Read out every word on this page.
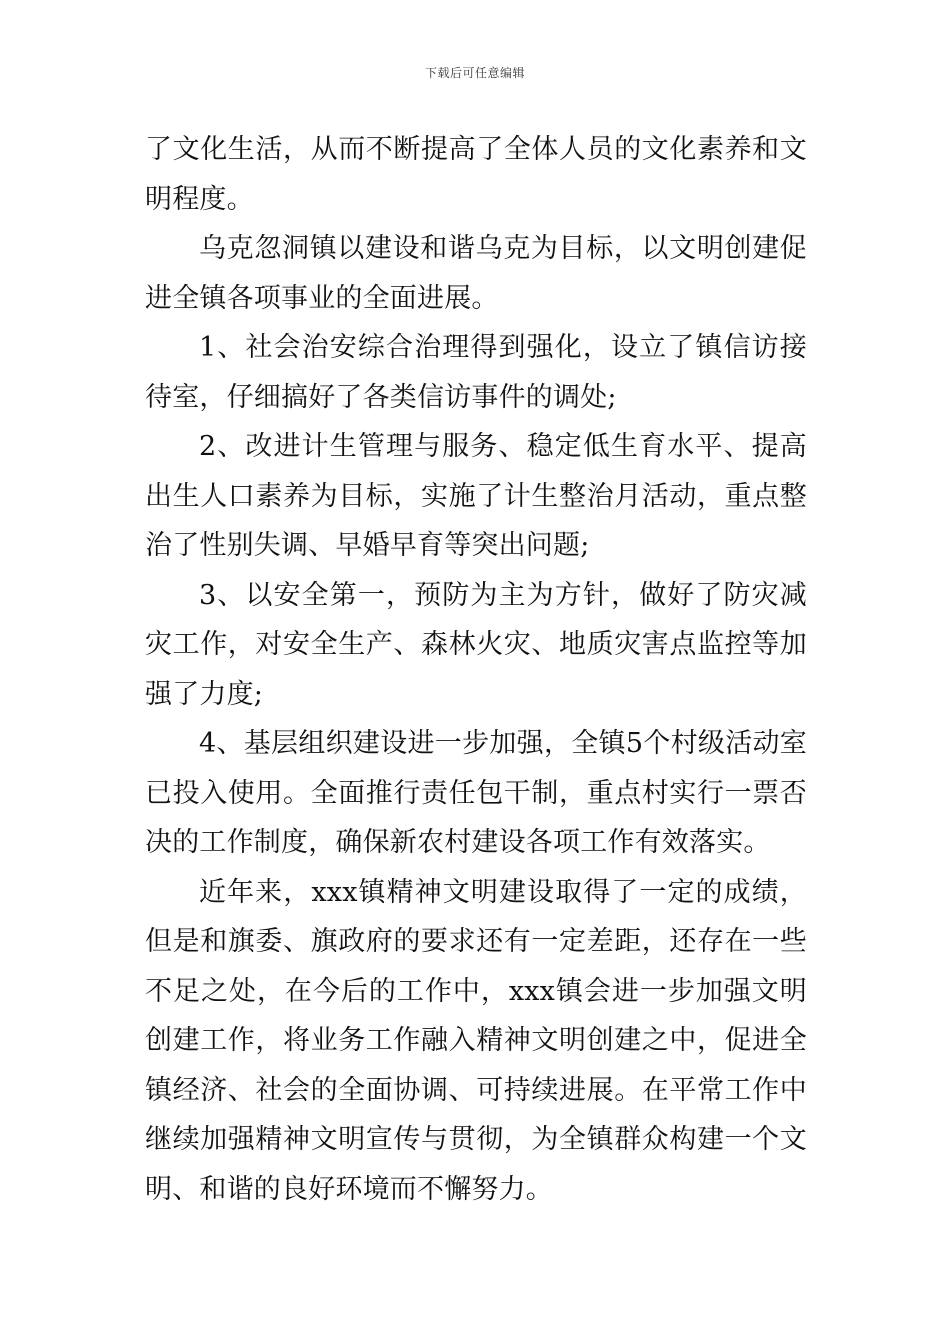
下载后可任意编辑

了文化生活，从而不断提高了全体人员的文化素养和文明程度。

乌克忽洞镇以建设和谐乌克为目标，以文明创建促进全镇各项事业的全面进展。

1、社会治安综合治理得到强化，设立了镇信访接待室，仔细搞好了各类信访事件的调处;

2、改进计生管理与服务、稳定低生育水平、提高出生人口素养为目标，实施了计生整治月活动，重点整治了性别失调、早婚早育等突出问题;

3、以安全第一，预防为主为方针，做好了防灾减灾工作，对安全生产、森林火灾、地质灾害点监控等加强了力度;

4、基层组织建设进一步加强，全镇5个村级活动室已投入使用。全面推行责任包干制，重点村实行一票否决的工作制度，确保新农村建设各项工作有效落实。

近年来，xxx镇精神文明建设取得了一定的成绩，但是和旗委、旗政府的要求还有一定差距，还存在一些不足之处，在今后的工作中，xxx镇会进一步加强文明创建工作，将业务工作融入精神文明创建之中，促进全镇经济、社会的全面协调、可持续进展。在平常工作中继续加强精神文明宣传与贯彻，为全镇群众构建一个文明、和谐的良好环境而不懈努力。
